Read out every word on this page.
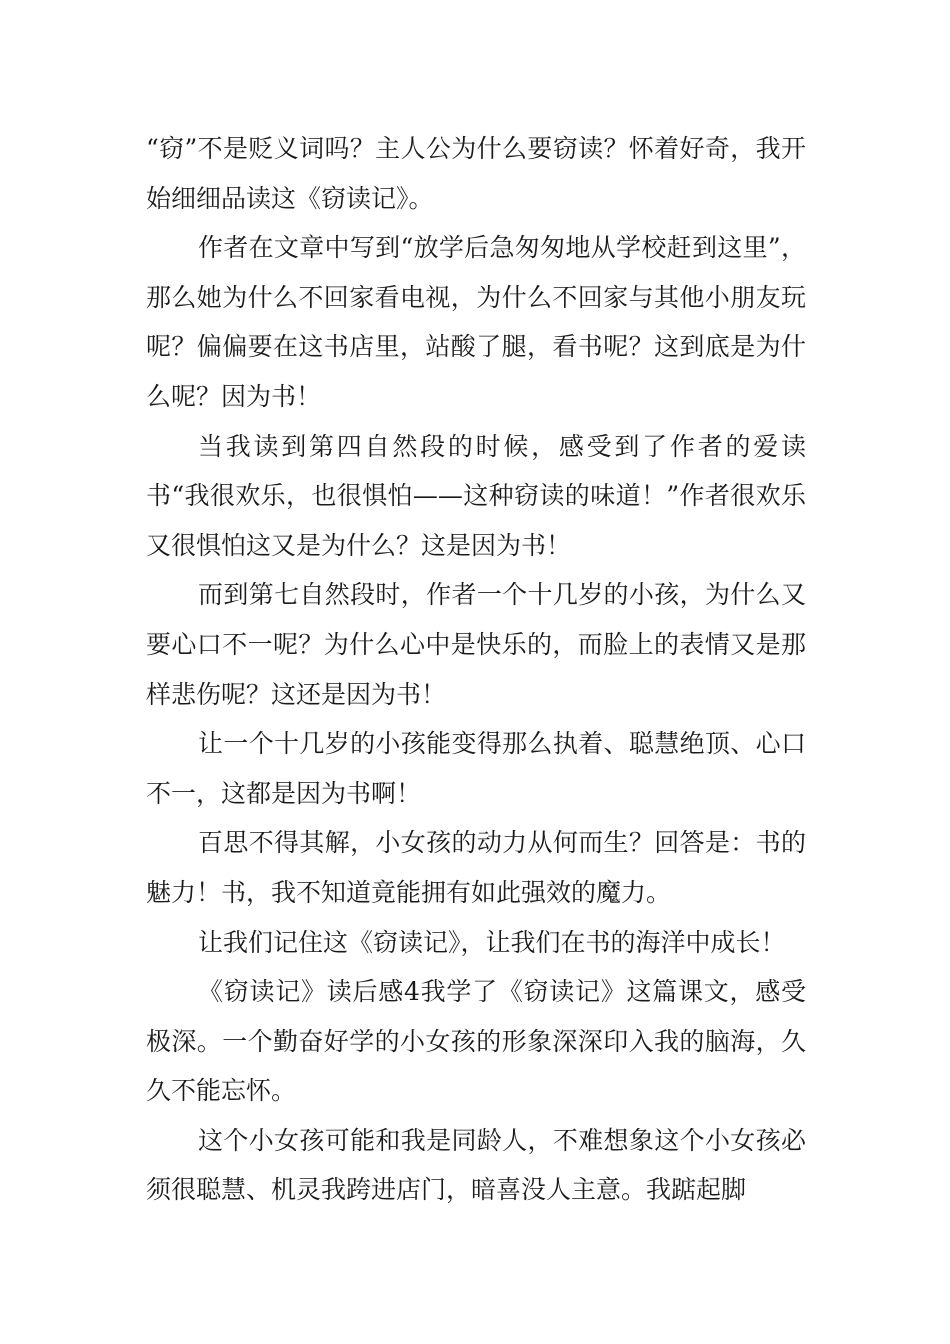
“窃”不是贬义词吗？主人公为什么要窃读？怀着好奇，我开始细细品读这《窃读记》。

作者在文章中写到“放学后急匆匆地从学校赶到这里”，那么她为什么不回家看电视，为什么不回家与其他小朋友玩呢？偏偏要在这书店里，站酸了腿，看书呢？这到底是为什么呢？因为书！

当我读到第四自然段的时候，感受到了作者的爱读书“我很欢乐，也很惧怕——这种窃读的味道！”作者很欢乐又很惧怕这又是为什么？这是因为书！

而到第七自然段时，作者一个十几岁的小孩，为什么又要心口不一呢？为什么心中是快乐的，而脸上的表情又是那样悲伤呢？这还是因为书！

让一个十几岁的小孩能变得那么执着、聪慧绝顶、心口不一，这都是因为书啊！

百思不得其解，小女孩的动力从何而生？回答是：书的魅力！书，我不知道竟能拥有如此强效的魔力。

让我们记住这《窃读记》，让我们在书的海洋中成长！

《窃读记》读后感4我学了《窃读记》这篇课文，感受极深。一个勤奋好学的小女孩的形象深深印入我的脑海，久久不能忘怀。

这个小女孩可能和我是同龄人，不难想象这个小女孩必须很聪慧、机灵我跨进店门，暗喜没人主意。我踮起脚
